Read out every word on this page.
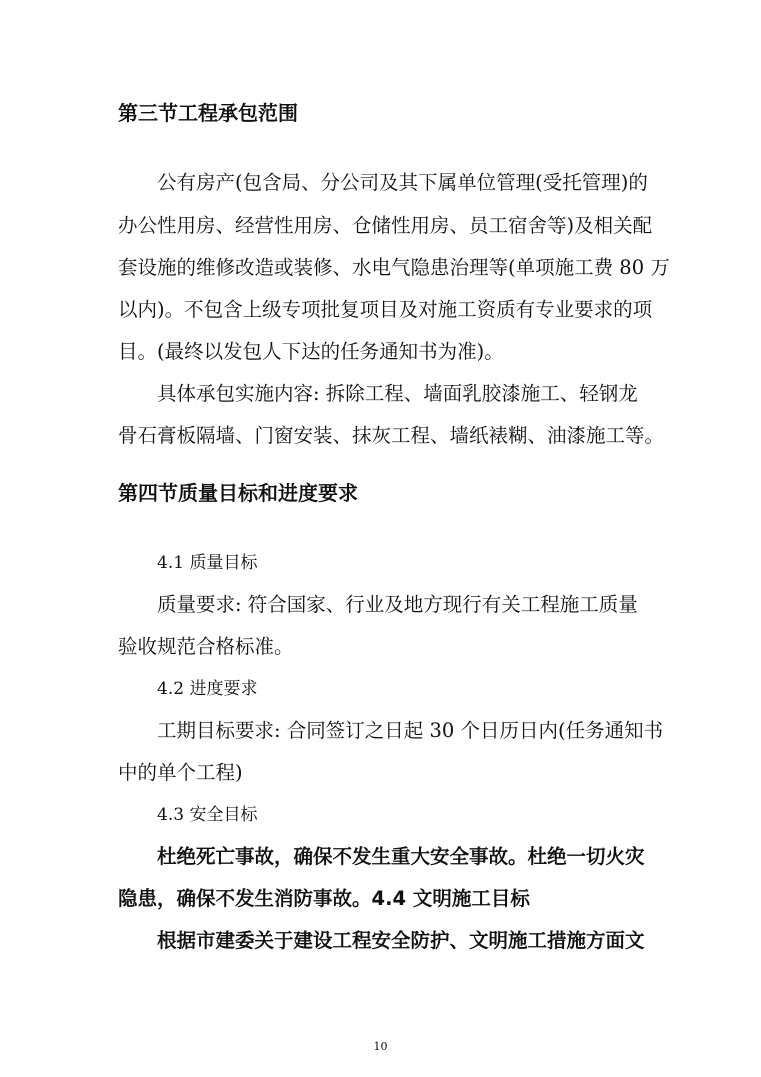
第三节工程承包范围
公有房产(包含局、分公司及其下属单位管理(受托管理)的
办公性用房、经营性用房、仓储性用房、员工宿舍等)及相关配
套设施的维修改造或装修、水电气隐患治理等(单项施工费 80 万
以内)。不包含上级专项批复项目及对施工资质有专业要求的项
目。(最终以发包人下达的任务通知书为准)。
具体承包实施内容: 拆除工程、墙面乳胶漆施工、轻钢龙
骨石膏板隔墙、门窗安装、抹灰工程、墙纸裱糊、油漆施工等。
第四节质量目标和进度要求
4.1 质量目标
质量要求: 符合国家、行业及地方现行有关工程施工质量
验收规范合格标准。
4.2 进度要求
工期目标要求: 合同签订之日起 30 个日历日内(任务通知书
中的单个工程)
4.3 安全目标
杜绝死亡事故，确保不发生重大安全事故。杜绝一切火灾
隐患，确保不发生消防事故。4.4 文明施工目标
根据市建委关于建设工程安全防护、文明施工措施方面文
10
